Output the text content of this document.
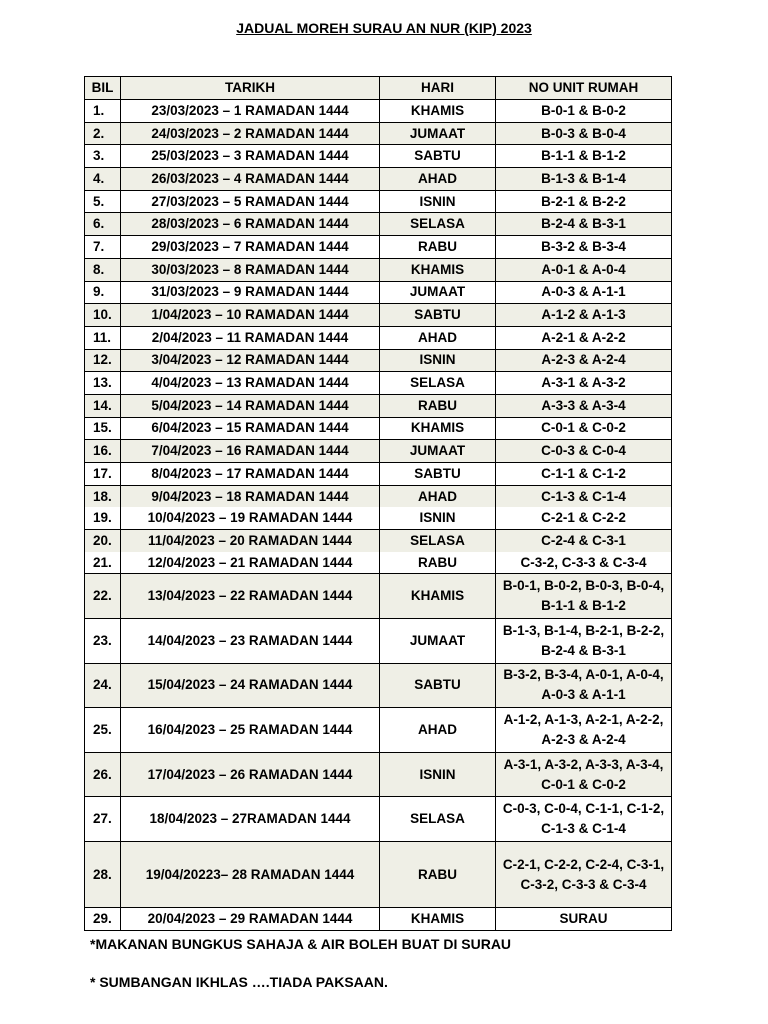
JADUAL MOREH SURAU AN NUR (KIP) 2023
BIL	TARIKH	HARI	NO UNIT RUMAH
1.	23/03/2023 – 1 RAMADAN 1444	KHAMIS	B-0-1 & B-0-2
2.	24/03/2023 – 2 RAMADAN 1444	JUMAAT	B-0-3 & B-0-4
3.	25/03/2023 – 3 RAMADAN 1444	SABTU	B-1-1 & B-1-2
4.	26/03/2023 – 4 RAMADAN 1444	AHAD	B-1-3 & B-1-4
5.	27/03/2023 – 5 RAMADAN 1444	ISNIN	B-2-1 & B-2-2
6.	28/03/2023 – 6 RAMADAN 1444	SELASA	B-2-4 & B-3-1
7.	29/03/2023 – 7 RAMADAN 1444	RABU	B-3-2 & B-3-4
8.	30/03/2023 – 8 RAMADAN 1444	KHAMIS	A-0-1 & A-0-4
9.	31/03/2023 – 9 RAMADAN 1444	JUMAAT	A-0-3 & A-1-1
10.	1/04/2023 – 10 RAMADAN 1444	SABTU	A-1-2 & A-1-3
11.	2/04/2023 – 11 RAMADAN 1444	AHAD	A-2-1 & A-2-2
12.	3/04/2023 – 12 RAMADAN 1444	ISNIN	A-2-3 & A-2-4
13.	4/04/2023 – 13 RAMADAN 1444	SELASA	A-3-1 & A-3-2
14.	5/04/2023 – 14 RAMADAN 1444	RABU	A-3-3 & A-3-4
15.	6/04/2023 – 15 RAMADAN 1444	KHAMIS	C-0-1 & C-0-2
16.	7/04/2023 – 16 RAMADAN 1444	JUMAAT	C-0-3 & C-0-4
17.	8/04/2023 – 17 RAMADAN 1444	SABTU	C-1-1 & C-1-2
18.	9/04/2023 – 18 RAMADAN 1444	AHAD	C-1-3 & C-1-4
19.	10/04/2023 – 19 RAMADAN 1444	ISNIN	C-2-1 & C-2-2
20.	11/04/2023 – 20 RAMADAN 1444	SELASA	C-2-4 & C-3-1
21.	12/04/2023 – 21 RAMADAN 1444	RABU	C-3-2, C-3-3 & C-3-4
22.	13/04/2023 – 22 RAMADAN 1444	KHAMIS	B-0-1, B-0-2, B-0-3, B-0-4, B-1-1 & B-1-2
23.	14/04/2023 – 23 RAMADAN 1444	JUMAAT	B-1-3, B-1-4, B-2-1, B-2-2, B-2-4 & B-3-1
24.	15/04/2023 – 24 RAMADAN 1444	SABTU	B-3-2, B-3-4, A-0-1, A-0-4, A-0-3 & A-1-1
25.	16/04/2023 – 25 RAMADAN 1444	AHAD	A-1-2, A-1-3, A-2-1, A-2-2, A-2-3 & A-2-4
26.	17/04/2023 – 26 RAMADAN 1444	ISNIN	A-3-1, A-3-2, A-3-3, A-3-4, C-0-1 & C-0-2
27.	18/04/2023 – 27RAMADAN 1444	SELASA	C-0-3, C-0-4, C-1-1, C-1-2, C-1-3 & C-1-4
28.	19/04/20223– 28 RAMADAN 1444	RABU	C-2-1, C-2-2, C-2-4, C-3-1, C-3-2, C-3-3 & C-3-4
29.	20/04/2023 – 29 RAMADAN 1444	KHAMIS	SURAU
*MAKANAN BUNGKUS SAHAJA & AIR BOLEH BUAT DI SURAU
* SUMBANGAN IKHLAS ….TIADA PAKSAAN.
